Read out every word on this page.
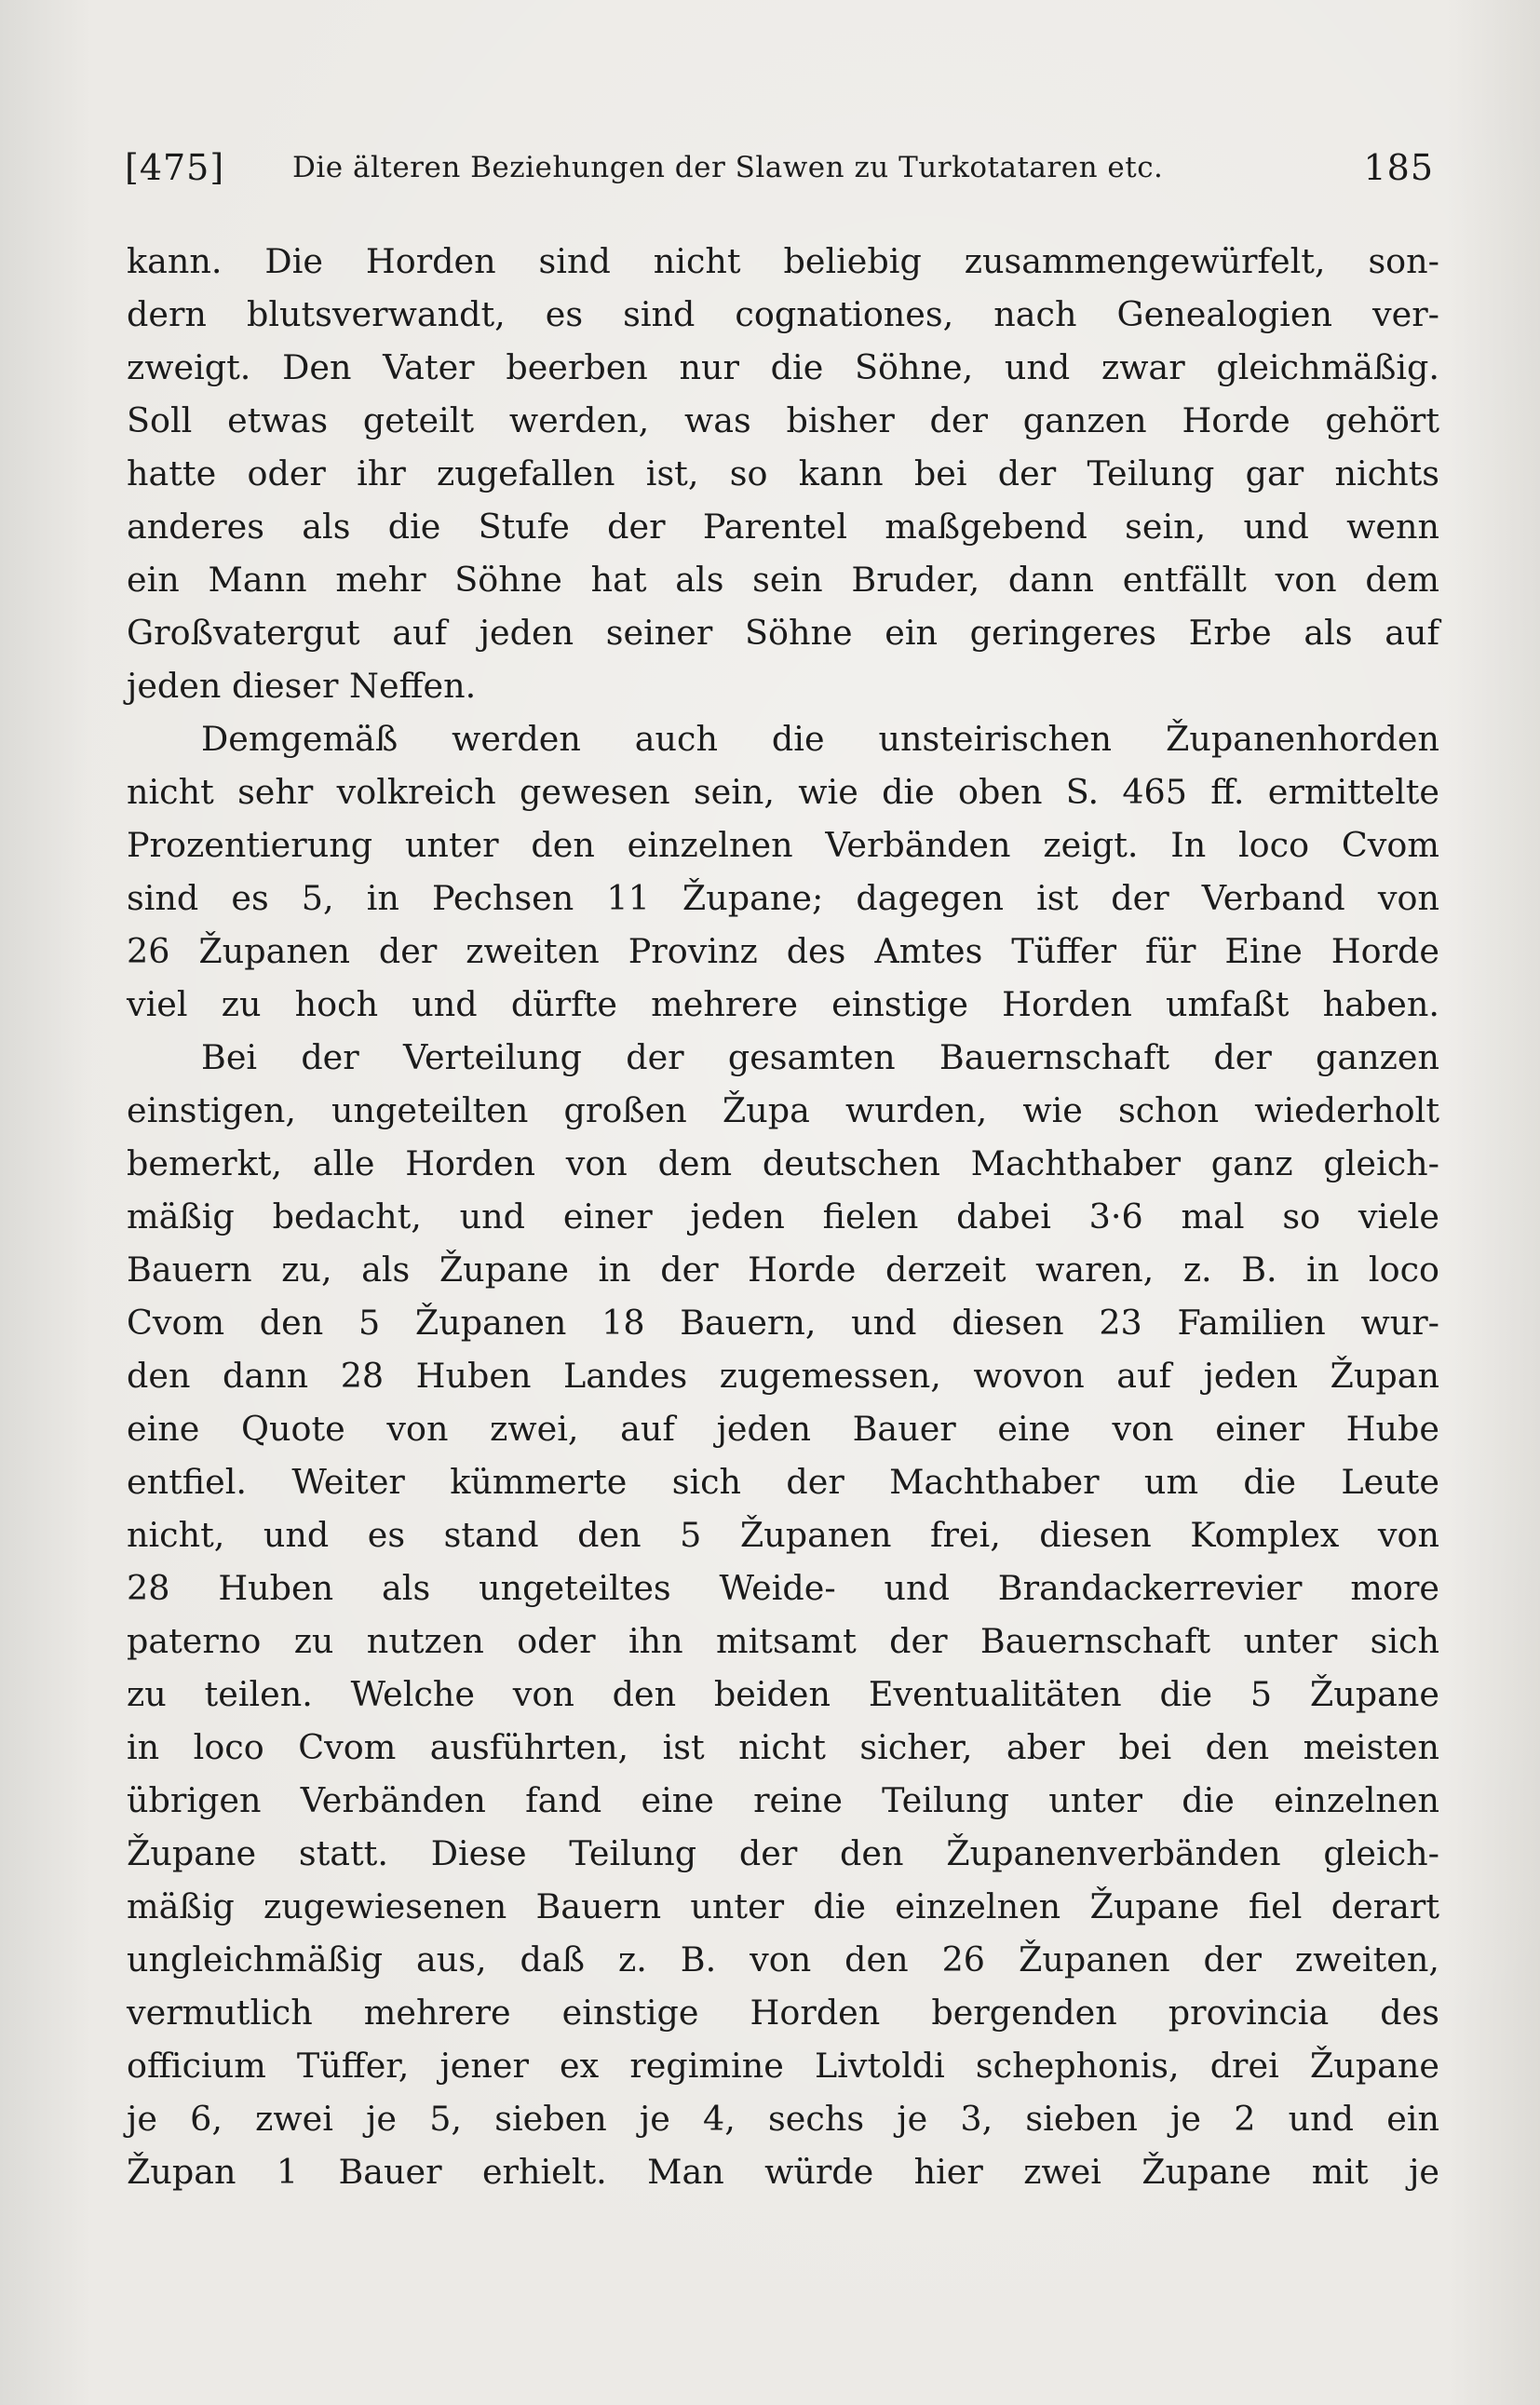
[475] Die älteren Beziehungen der Slawen zu Turkotataren etc.	185
kann. Die Horden sind nicht beliebig zusammengewürfelt, son-
dern blutsverwandt, es sind cognationes, nach Genealogien ver-
zweigt. Den Vater beerben nur die Söhne, und zwar gleichmäßig.
Soll etwas geteilt werden, was bisher der ganzen Horde gehört
hatte oder ihr zugefallen ist, so kann bei der Teilung gar nichts
anderes als die Stufe der Parentel maßgebend sein, und wenn
ein Mann mehr Söhne hat als sein Bruder, dann entfällt von dem
Großvatergut auf jeden seiner Söhne ein geringeres Erbe als auf
jeden dieser Neffen.
Demgemäß werden auch die unsteirischen Županenhorden
nicht sehr volkreich gewesen sein, wie die oben S. 465 ff. ermittelte
Prozentierung unter den einzelnen Verbänden zeigt. In loco Cvom
sind es 5, in Pechsen 11 Župane; dagegen ist der Verband von
26 Županen der zweiten Provinz des Amtes Tüffer für Eine Horde
viel zu hoch und dürfte mehrere einstige Horden umfaßt haben.
Bei der Verteilung der gesamten Bauernschaft der ganzen
einstigen, ungeteilten großen Župa wurden, wie schon wiederholt
bemerkt, alle Horden von dem deutschen Machthaber ganz gleich-
mäßig bedacht, und einer jeden fielen dabei 3·6 mal so viele
Bauern zu, als Župane in der Horde derzeit waren, z. B. in loco
Cvom den 5 Županen 18 Bauern, und diesen 23 Familien wur-
den dann 28 Huben Landes zugemessen, wovon auf jeden Župan
eine Quote von zwei, auf jeden Bauer eine von einer Hube
entfiel. Weiter kümmerte sich der Machthaber um die Leute
nicht, und es stand den 5 Županen frei, diesen Komplex von
28 Huben als ungeteiltes Weide- und Brandackerrevier more
paterno zu nutzen oder ihn mitsamt der Bauernschaft unter sich
zu teilen. Welche von den beiden Eventualitäten die 5 Župane
in loco Cvom ausführten, ist nicht sicher, aber bei den meisten
übrigen Verbänden fand eine reine Teilung unter die einzelnen
Župane statt. Diese Teilung der den Županenverbänden gleich-
mäßig zugewiesenen Bauern unter die einzelnen Župane fiel derart
ungleichmäßig aus, daß z. B. von den 26 Županen der zweiten,
vermutlich mehrere einstige Horden bergenden provincia des
officium Tüffer, jener ex regimine Livtoldi schephonis, drei Župane
je 6, zwei je 5, sieben je 4, sechs je 3, sieben je 2 und ein
Župan 1 Bauer erhielt. Man würde hier zwei Župane mit je
